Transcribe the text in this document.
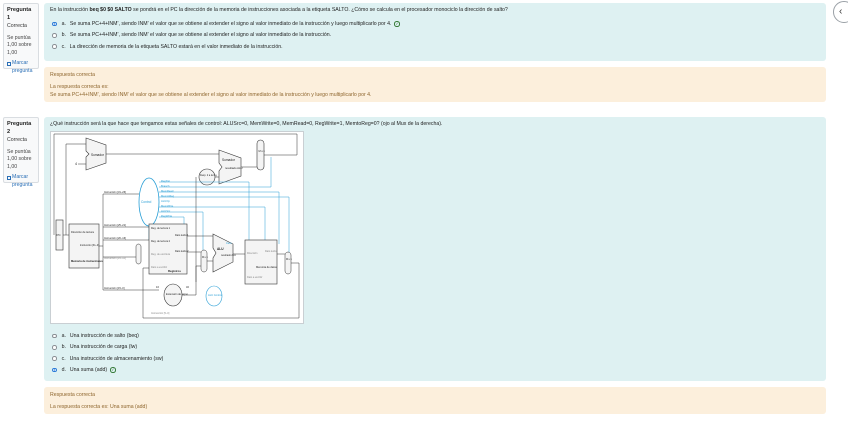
‹
Pregunta 1
Correcta
Se puntúa 1,00 sobre 1,00
Marcar pregunta
En la instrucción beq $0 $0 SALTO se pondrá en el PC la dirección de la memoria de instrucciones asociada a la etiqueta SALTO. ¿Cómo se calcula en el procesador monociclo la dirección de salto?
a. Se suma PC+4+INM', siendo INM' el valor que se obtiene al extender el signo al valor inmediato de la instrucción y luego multiplicarlo por 4. ✓
b. Se suma PC+4+INM', siendo INM' el valor que se obtiene al extender el signo al valor inmediato de la instrucción.
c. La dirección de memoria de la etiqueta SALTO estará en el valor inmediato de la instrucción.
Respuesta correcta
La respuesta correcta es:
Se suma PC+4+INM', siendo INM' el valor que se obtiene al extender el signo al valor inmediato de la instrucción y luego multiplicarlo por 4.
Pregunta 2
Correcta
Se puntúa 1,00 sobre 1,00
Marcar pregunta
¿Qué instrucción será la que hace que tengamos estas señales de control: ALUSrc=0, MemWrite=0, MemRead=0, RegWrite=1, MemtoReg=0? (ojo al Mux de la derecha).
Sumador
4
Sumador
resultado ALU
Desp. 2 a la izq.
M u x
Control
RegDst
Branch
MemRead
MemtoReg
ALUOp
MemWrite
ALUSrc
RegWrite
PC
Dirección de lectura
Instrucción [31–0]
Memoria de instrucciones
Instrucción [31–26]
Instrucción [25–21]
Instrucción [20–16]
Instrucción [15–11]
Instrucción [15–0]
Reg. de lectura 1
Reg. de lectura 2
Reg. de escritura
Dato a escribir
Dato leído 1
Dato leído 2
Registros
M u x
ALU
Cero
resultado ALU
Dirección
Dato leído
Memoria de datos
Dato a escribir
M u x
Extensión de signo
16	32
ALU Control
Instrucción [5–0]
a. Una instrucción de salto (beq)
b. Una instrucción de carga (lw)
c. Una instrucción de almacenamiento (sw)
d. Una suma (add) ✓
Respuesta correcta
La respuesta correcta es: Una suma (add)
